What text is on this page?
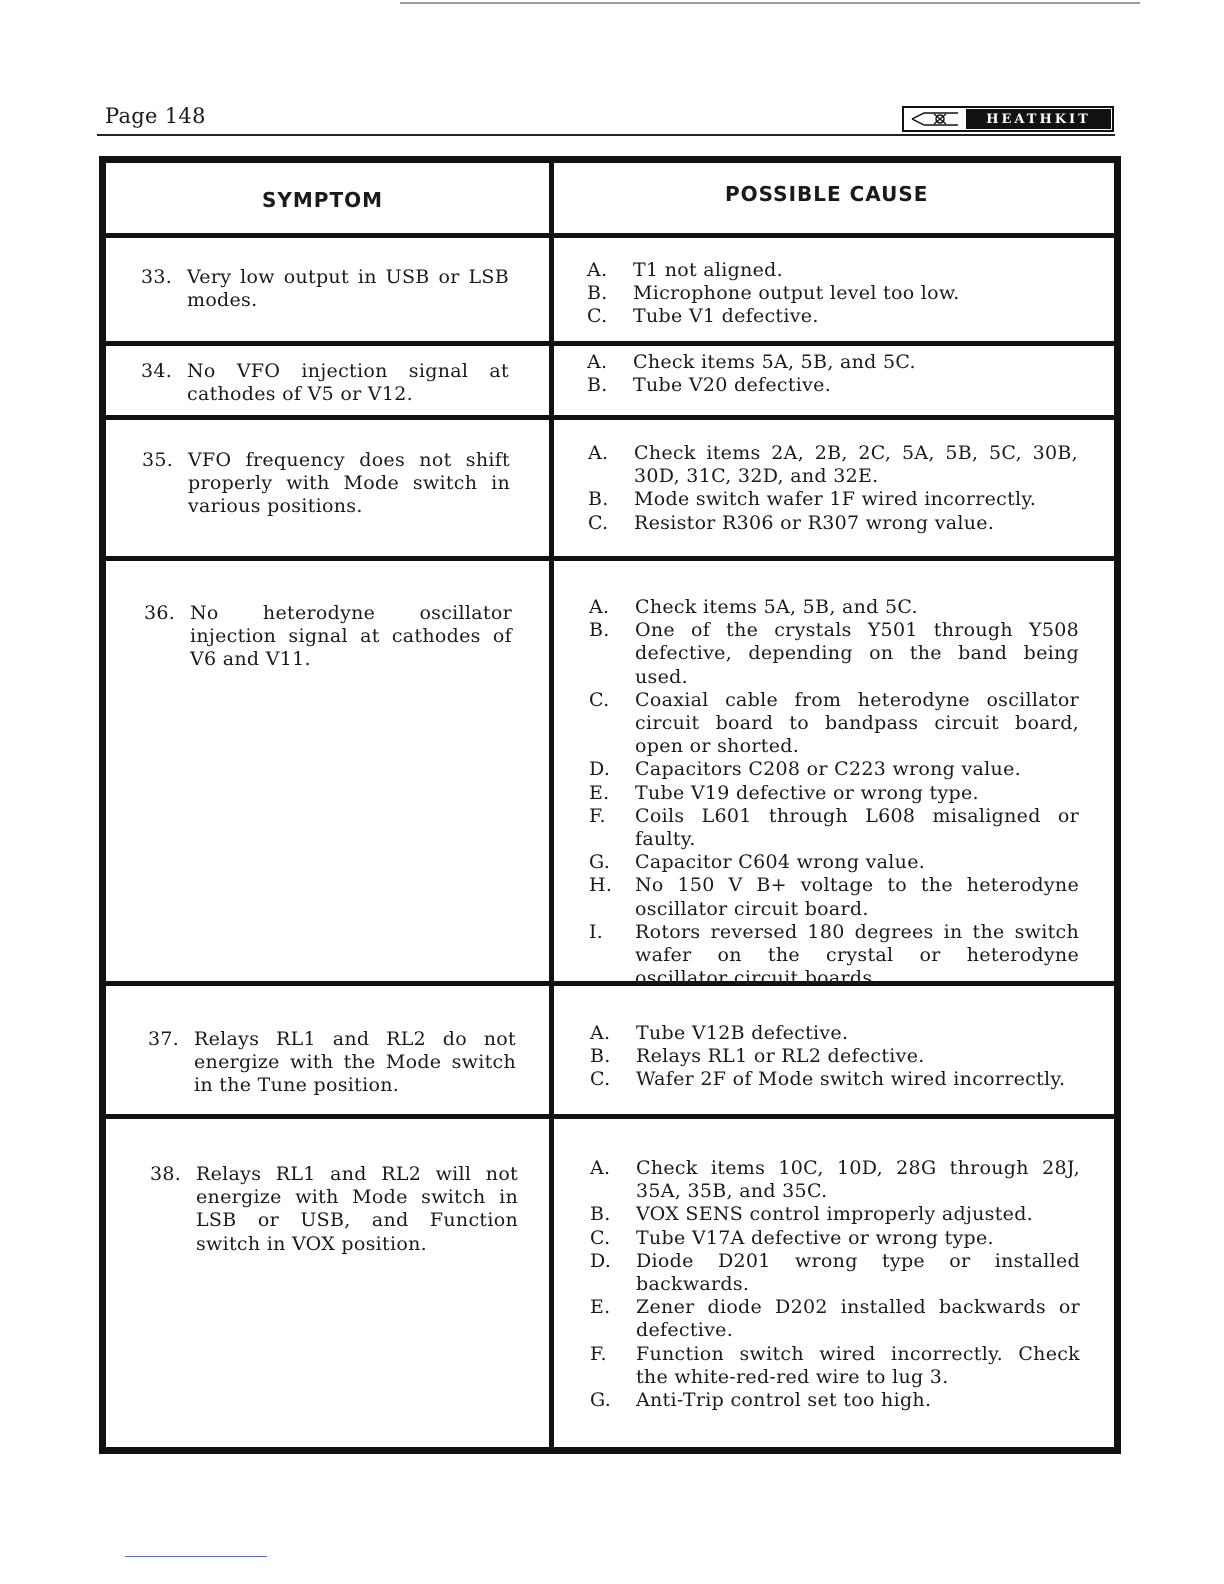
Page 148	HEATHKIT
SYMPTOM	POSSIBLE CAUSE
33. Very low output in USB or LSB modes.
A.	T1 not aligned.
B.	Microphone output level too low.
C.	Tube V1 defective.
34. No VFO injection signal at cathodes of V5 or V12.
A.	Check items 5A, 5B, and 5C.
B.	Tube V20 defective.
35. VFO frequency does not shift properly with Mode switch in various positions.
A.	Check items 2A, 2B, 2C, 5A, 5B, 5C, 30B, 30D, 31C, 32D, and 32E.
B.	Mode switch wafer 1F wired incorrectly.
C.	Resistor R306 or R307 wrong value.
36. No heterodyne oscillator injection signal at cathodes of V6 and V11.
A.	Check items 5A, 5B, and 5C.
B.	One of the crystals Y501 through Y508 defective, depending on the band being used.
C.	Coaxial cable from heterodyne oscillator circuit board to bandpass circuit board, open or shorted.
D.	Capacitors C208 or C223 wrong value.
E.	Tube V19 defective or wrong type.
F.	Coils L601 through L608 misaligned or faulty.
G.	Capacitor C604 wrong value.
H.	No 150 V B+ voltage to the heterodyne oscillator circuit board.
I.	Rotors reversed 180 degrees in the switch wafer on the crystal or heterodyne oscillator circuit boards.
37. Relays RL1 and RL2 do not energize with the Mode switch in the Tune position.
A.	Tube V12B defective.
B.	Relays RL1 or RL2 defective.
C.	Wafer 2F of Mode switch wired incorrectly.
38. Relays RL1 and RL2 will not energize with Mode switch in LSB or USB, and Function switch in VOX position.
A.	Check items 10C, 10D, 28G through 28J, 35A, 35B, and 35C.
B.	VOX SENS control improperly adjusted.
C.	Tube V17A defective or wrong type.
D.	Diode D201 wrong type or installed backwards.
E.	Zener diode D202 installed backwards or defective.
F.	Function switch wired incorrectly. Check the white-red-red wire to lug 3.
G.	Anti-Trip control set too high.
